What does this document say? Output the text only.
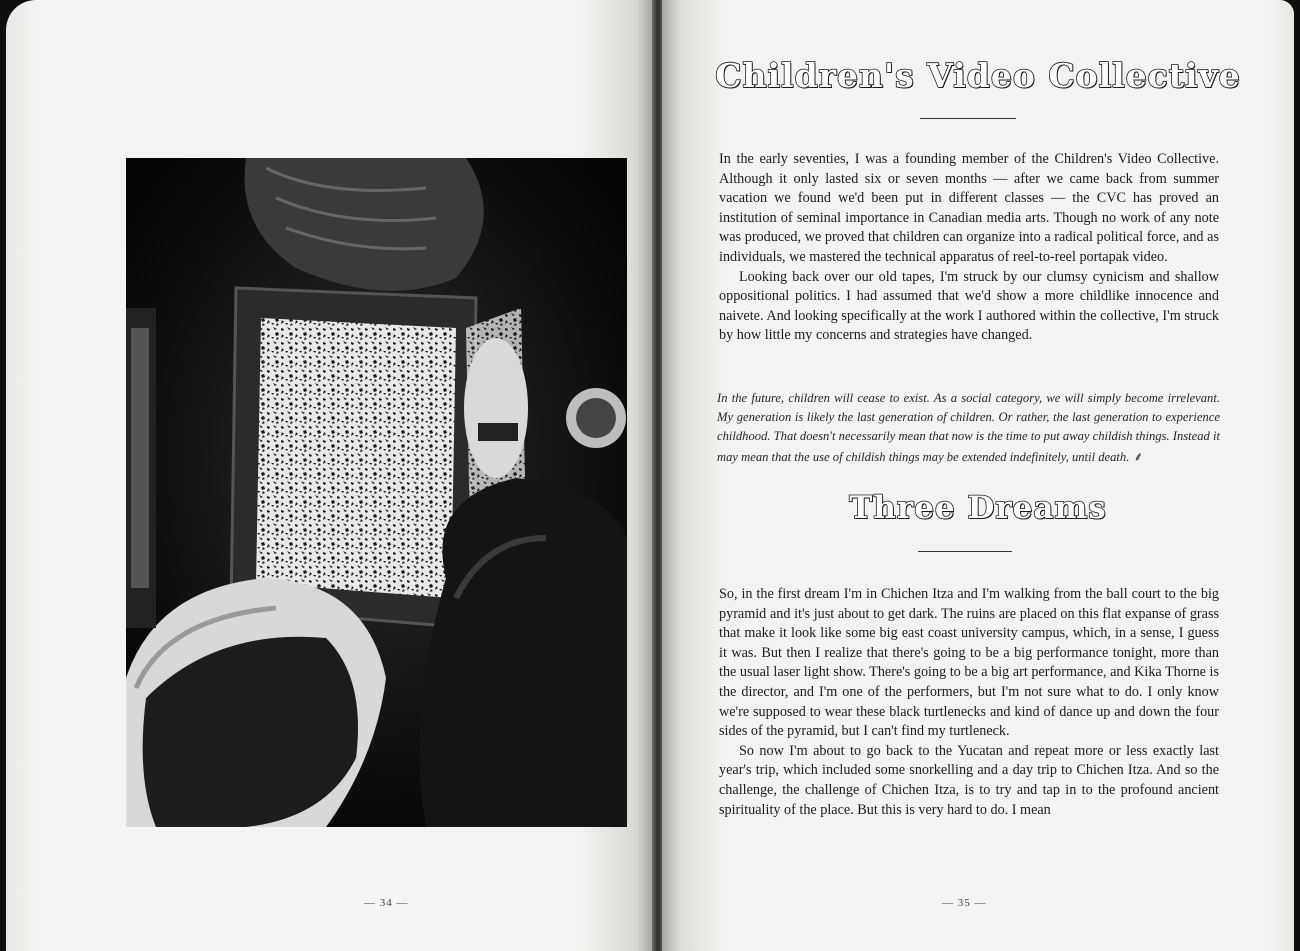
— 34 —
Children's Video Collective

In the early seventies, I was a founding member of the Children's Video Collective. Although it only lasted six or seven months — after we came back from summer vacation we found we'd been put in different classes — the CVC has proved an institution of seminal importance in Canadian media arts. Though no work of any note was produced, we proved that children can organize into a radical political force, and as individuals, we mastered the technical apparatus of reel-to-reel portapak video.

Looking back over our old tapes, I'm struck by our clumsy cynicism and shallow oppositional politics. I had assumed that we'd show a more childlike innocence and naivete. And looking specifically at the work I authored within the collective, I'm struck by how little my concerns and strategies have changed.

In the future, children will cease to exist. As a social category, we will simply become irrelevant. My generation is likely the last generation of children. Or rather, the last generation to experience childhood. That doesn't necessarily mean that now is the time to put away childish things. Instead it may mean that the use of childish things may be extended indefinitely, until death. ⸙
Three Dreams

So, in the first dream I'm in Chichen Itza and I'm walking from the ball court to the big pyramid and it's just about to get dark. The ruins are placed on this flat expanse of grass that make it look like some big east coast university campus, which, in a sense, I guess it was. But then I realize that there's going to be a big performance tonight, more than the usual laser light show. There's going to be a big art performance, and Kika Thorne is the director, and I'm one of the performers, but I'm not sure what to do. I only know we're supposed to wear these black turtlenecks and kind of dance up and down the four sides of the pyramid, but I can't find my turtleneck.

So now I'm about to go back to the Yucatan and repeat more or less exactly last year's trip, which included some snorkelling and a day trip to Chichen Itza. And so the challenge, the challenge of Chichen Itza, is to try and tap in to the profound ancient spirituality of the place. But this is very hard to do. I mean

— 35 —
